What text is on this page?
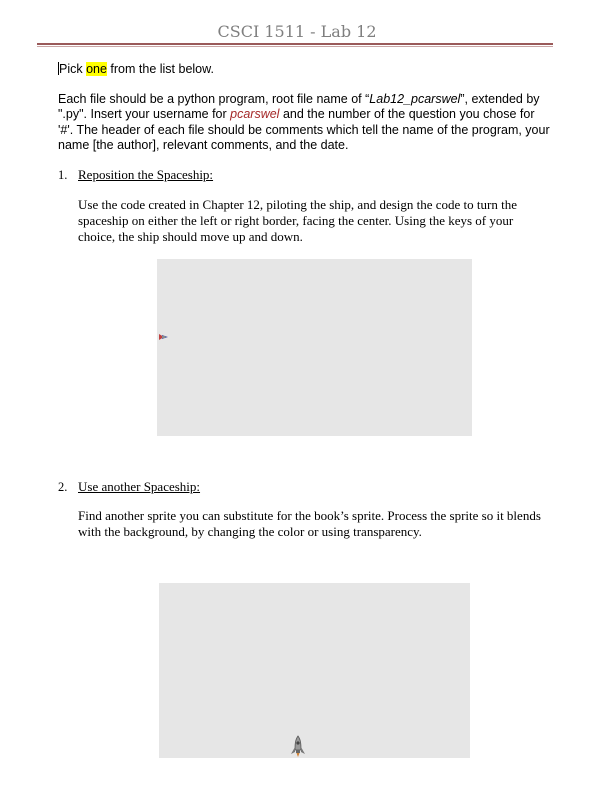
CSCI 1511 - Lab 12
Pick one from the list below.
Each file should be a python program, root file name of “Lab12_pcarswel”, extended by ".py". Insert your username for pcarswel and the number of the question you chose for '#'. The header of each file should be comments which tell the name of the program, your name [the author], relevant comments, and the date.
1. Reposition the Spaceship:
Use the code created in Chapter 12, piloting the ship, and design the code to turn the spaceship on either the left or right border, facing the center. Using the keys of your choice, the ship should move up and down.
2. Use another Spaceship:
Find another sprite you can substitute for the book’s sprite. Process the sprite so it blends with the background, by changing the color or using transparency.
